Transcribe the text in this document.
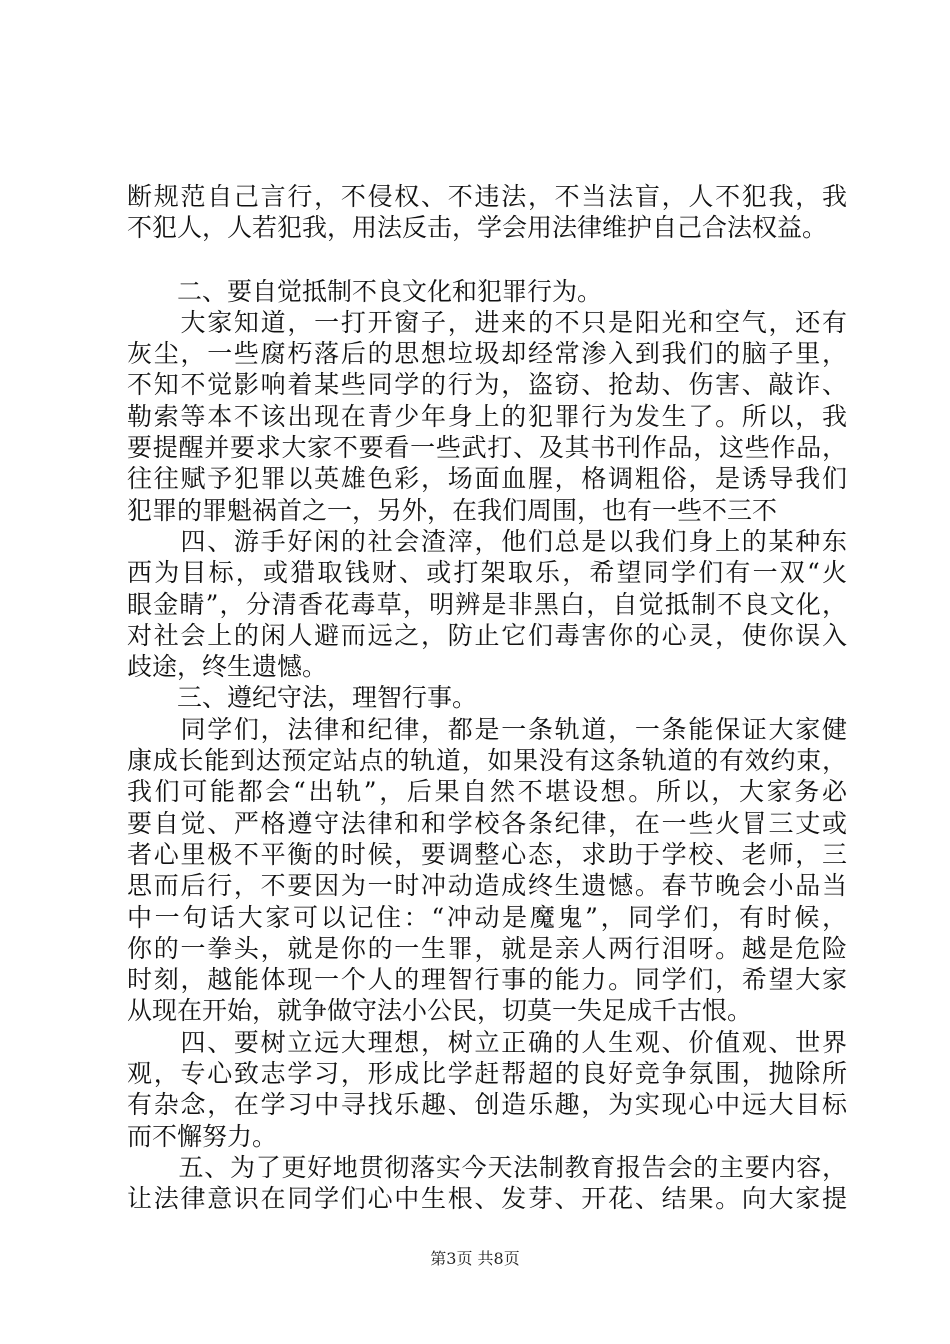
断规范自己言行，不侵权、不违法，不当法盲，人不犯我，我
不犯人，人若犯我，用法反击，学会用法律维护自己合法权益。
　　二、要自觉抵制不良文化和犯罪行为。
　　大家知道，一打开窗子，进来的不只是阳光和空气，还有
灰尘，一些腐朽落后的思想垃圾却经常渗入到我们的脑子里，
不知不觉影响着某些同学的行为，盗窃、抢劫、伤害、敲诈、
勒索等本不该出现在青少年身上的犯罪行为发生了。所以，我
要提醒并要求大家不要看一些武打、及其书刊作品，这些作品，
往往赋予犯罪以英雄色彩，场面血腥，格调粗俗，是诱导我们
犯罪的罪魁祸首之一，另外，在我们周围，也有一些不三不
　　四、游手好闲的社会渣滓，他们总是以我们身上的某种东
西为目标，或猎取钱财、或打架取乐，希望同学们有一双“火
眼金睛”，分清香花毒草，明辨是非黑白，自觉抵制不良文化，
对社会上的闲人避而远之，防止它们毒害你的心灵，使你误入
歧途，终生遗憾。
　　三、遵纪守法，理智行事。
　　同学们，法律和纪律，都是一条轨道，一条能保证大家健
康成长能到达预定站点的轨道，如果没有这条轨道的有效约束，
我们可能都会“出轨”，后果自然不堪设想。所以，大家务必
要自觉、严格遵守法律和和学校各条纪律，在一些火冒三丈或
者心里极不平衡的时候，要调整心态，求助于学校、老师，三
思而后行，不要因为一时冲动造成终生遗憾。春节晚会小品当
中一句话大家可以记住：“冲动是魔鬼”，同学们，有时候，
你的一拳头，就是你的一生罪，就是亲人两行泪呀。越是危险
时刻，越能体现一个人的理智行事的能力。同学们，希望大家
从现在开始，就争做守法小公民，切莫一失足成千古恨。
　　四、要树立远大理想，树立正确的人生观、价值观、世界
观，专心致志学习，形成比学赶帮超的良好竞争氛围，抛除所
有杂念，在学习中寻找乐趣、创造乐趣，为实现心中远大目标
而不懈努力。
　　五、为了更好地贯彻落实今天法制教育报告会的主要内容，
让法律意识在同学们心中生根、发芽、开花、结果。向大家提
第3页 共8页
